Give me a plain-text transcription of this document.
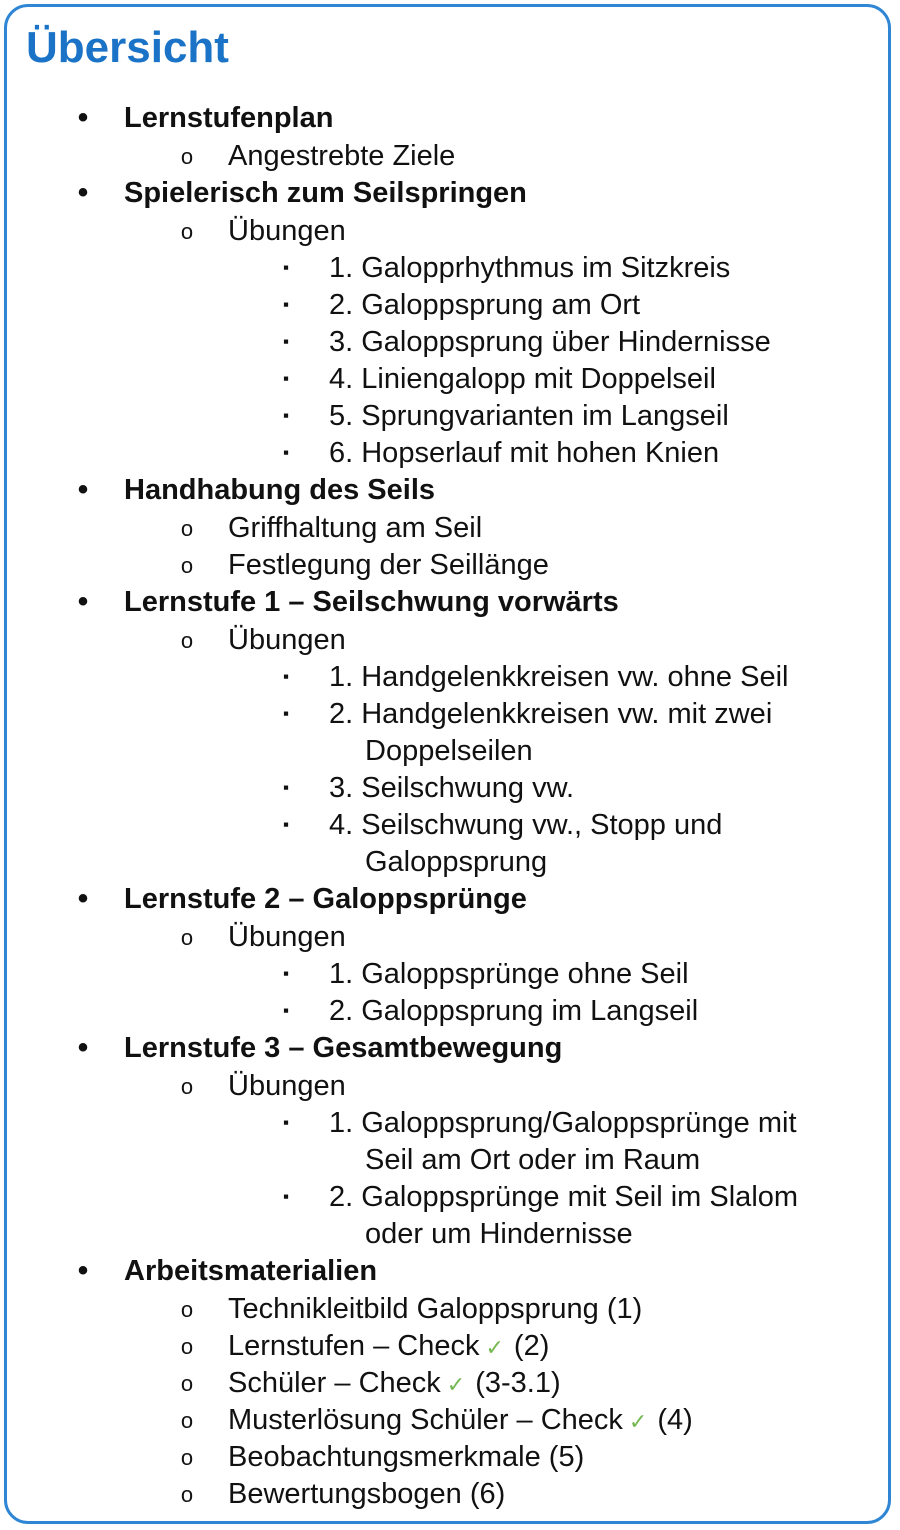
Übersicht
• Lernstufenplan
o Angestrebte Ziele
• Spielerisch zum Seilspringen
o Übungen
▪ 1. Galopprhythmus im Sitzkreis
▪ 2. Galoppsprung am Ort
▪ 3. Galoppsprung über Hindernisse
▪ 4. Liniengalopp mit Doppelseil
▪ 5. Sprungvarianten im Langseil
▪ 6. Hopserlauf mit hohen Knien
• Handhabung des Seils
o Griffhaltung am Seil
o Festlegung der Seillänge
• Lernstufe 1 – Seilschwung vorwärts
o Übungen
▪ 1. Handgelenkkreisen vw. ohne Seil
▪ 2. Handgelenkkreisen vw. mit zwei
Doppelseilen
▪ 3. Seilschwung vw.
▪ 4. Seilschwung vw., Stopp und
Galoppsprung
• Lernstufe 2 – Galoppsprünge
o Übungen
▪ 1. Galoppsprünge ohne Seil
▪ 2. Galoppsprung im Langseil
• Lernstufe 3 – Gesamtbewegung
o Übungen
▪ 1. Galoppsprung/Galoppsprünge mit
Seil am Ort oder im Raum
▪ 2. Galoppsprünge mit Seil im Slalom
oder um Hindernisse
• Arbeitsmaterialien
o Technikleitbild Galoppsprung (1)
o Lernstufen – Check ✓ (2)
o Schüler – Check ✓ (3-3.1)
o Musterlösung Schüler – Check ✓ (4)
o Beobachtungsmerkmale (5)
o Bewertungsbogen (6)
